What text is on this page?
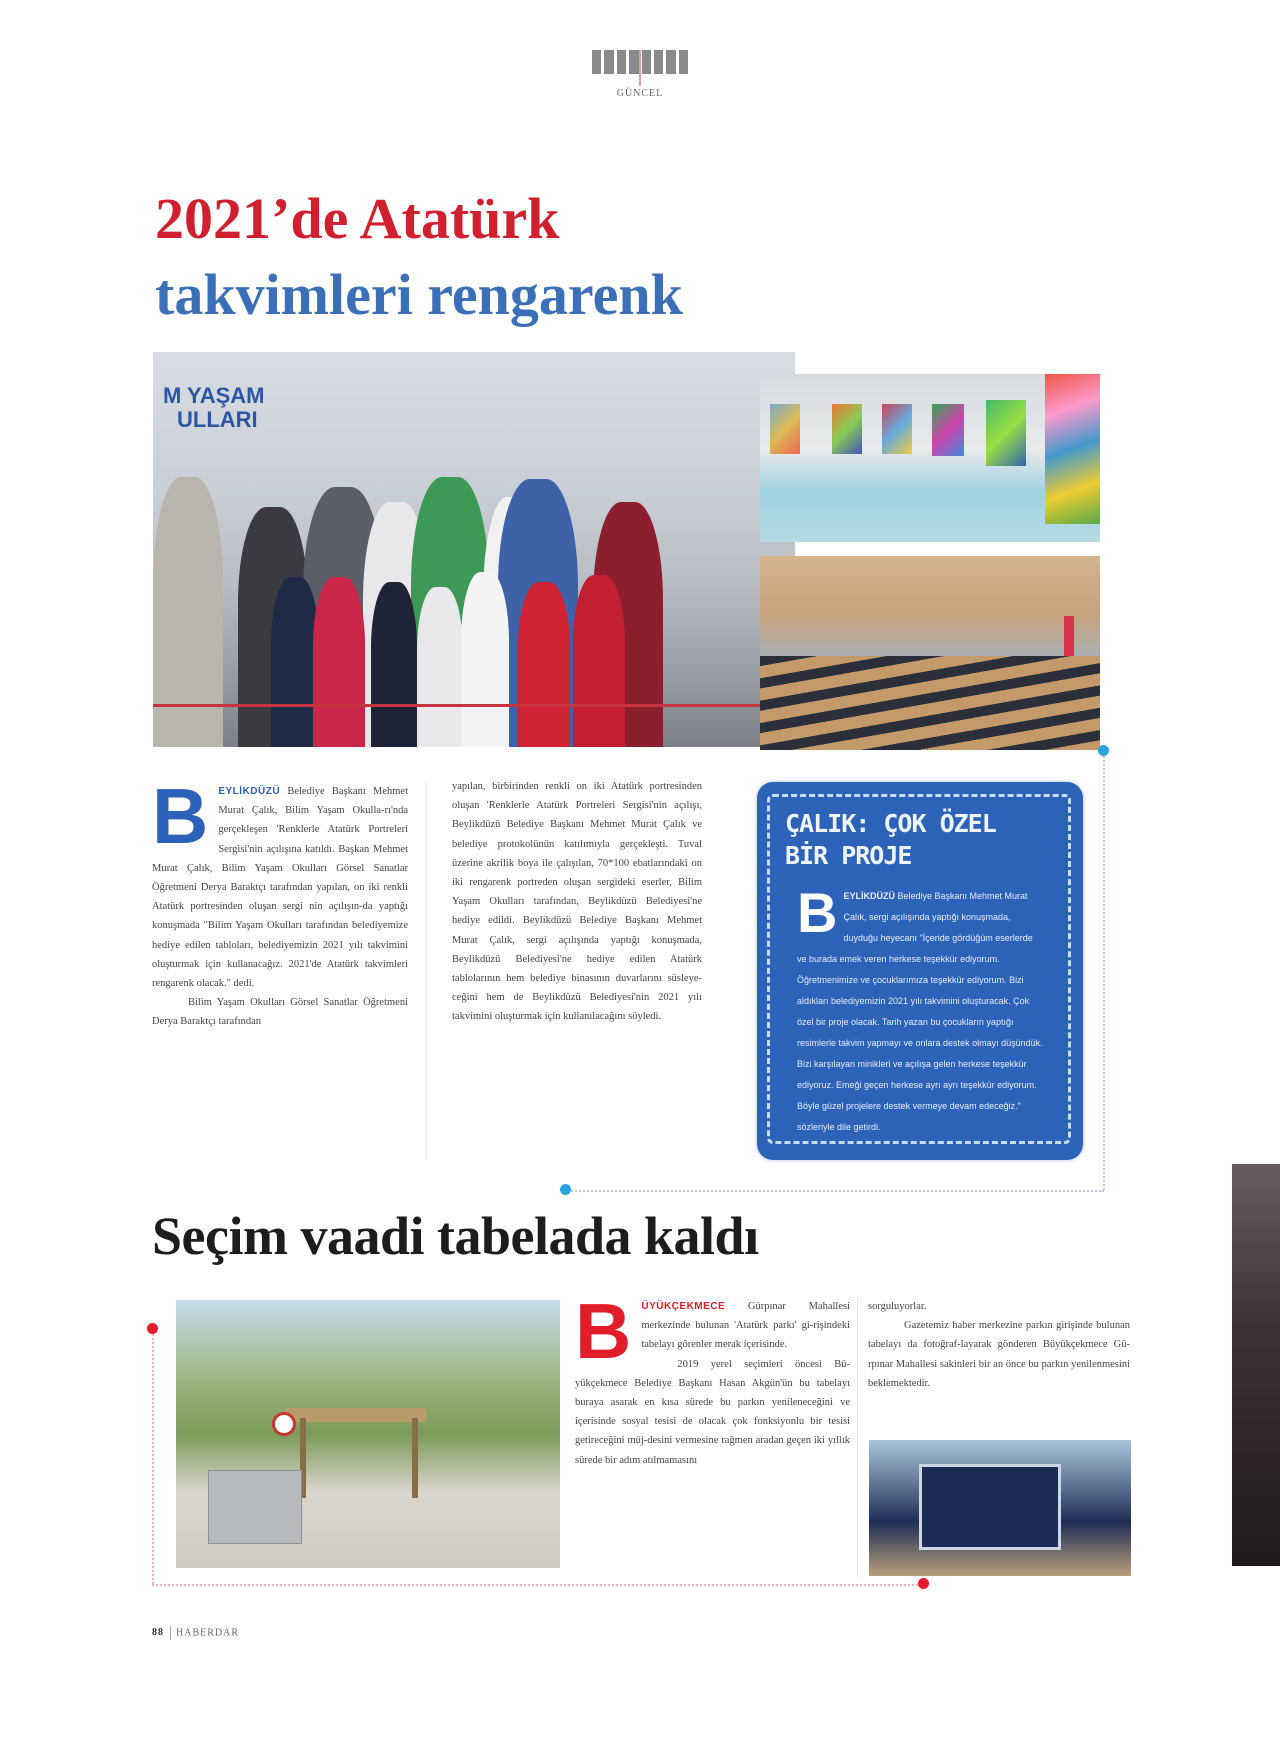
GÜNCEL
2021’de Atatürk
takvimleri rengarenk
M YAŞAM
ULLARI
B	EYLİKDÜZÜ Belediye Başkanı Mehmet Murat Çalık, Bilim Yaşam Okulla-rı'nda gerçekleşen 'Renklerle Atatürk Portreleri Sergisi'nin açılışına katıldı. Başkan Mehmet Murat Çalık, Bilim Yaşam Okulları Görsel Sanatlar Öğretmeni Derya Baraktçı tarafından yapılan, on iki renkli Atatürk portresinden oluşan sergi nin açılışın-da yaptığı konuşmada "Bilim Yaşam Okulları tarafından belediyemize hediye edilen tabloları, belediyemizin 2021 yılı takvimini oluşturmak için kullanacağız. 2021'de Atatürk takvimleri rengarenk olacak." dedi.

Bilim Yaşam Okulları Görsel Sanatlar Öğretmeni Derya Baraktçı tarafından

yapılan, birbirinden renkli on iki Atatürk portresinden oluşan 'Renklerle Atatürk Portreleri Sergisi'nin açılışı, Beylikdüzü Belediye Başkanı Mehmet Murat Çalık ve belediye protokolünün katılımıyla gerçekleşti. Tuval üzerine akrilik boya ile çalışılan, 70*100 ebatlarındaki on iki rengarenk portreden oluşan sergideki eserler, Bilim Yaşam Okulları tarafından, Beylikdüzü Belediyesi'ne hediye edildi. Beylikdüzü Belediye Başkanı Mehmet Murat Çalık, sergi açılışında yaptığı konuşmada, Beylikdüzü Belediyesi'ne hediye edilen Atatürk tablolarının hem belediye binasının duvarlarını süsleye-ceğini hem de Beylikdüzü Belediyesi'nin 2021 yılı takvimini oluşturmak için kullanılacağını söyledi.

ÇALIK: ÇOK ÖZEL
BİR PROJE
B EYLİKDÜZÜ Belediye Başkanı Mehmet Murat Çalık, sergi açılışında yaptığı konuşmada, duyduğu heyecanı "İçeride gördüğüm eserlerde ve burada emek veren herkese teşekkür ediyorum. Öğretmenimize ve çocuklarımıza teşekkür ediyorum. Bizi aldıkları belediyemizin 2021 yılı takvimini oluşturacak. Çok özel bir proje olacak. Tarih yazan bu çocukların yaptığı resimlerle takvim yapmayı ve onlara destek olmayı düşündük. Bizi karşılayan minikleri ve açılışa gelen herkese teşekkür ediyoruz. Emeği geçen herkese ayrı ayrı teşekkür ediyorum. Böyle güzel projelere destek vermeye devam edeceğiz." sözleriyle dile getirdi.
Seçim vaadi tabelada kaldı
B	ÜYÜKÇEKMECE Gürpınar Mahallesi merkezinde bulunan 'Atatürk parkı' gi-rişindeki tabelayı görenler merak içerisinde.

2019 yerel seçimleri öncesi Bü-yükçekmece Belediye Başkanı Hasan Akgün'ün bu tabelayı buraya asarak en kısa sürede bu parkın yenileneceğini ve içerisinde sosyal tesisi de olacak çok fonksiyonlu bir tesisi getireceğini müj-desini vermesine rağmen aradan geçen iki yıllık sürede bir adım atılmamasını

sorguluyorlar.

Gazetemiz haber merkezine parkın girişinde bulunan tabelayı da fotoğraf-layarak gönderen Büyükçekmece Gü-rpınar Mahallesi sakinleri bir an önce bu parkın yenilenmesini beklemektedir.

88 HABERDAR
